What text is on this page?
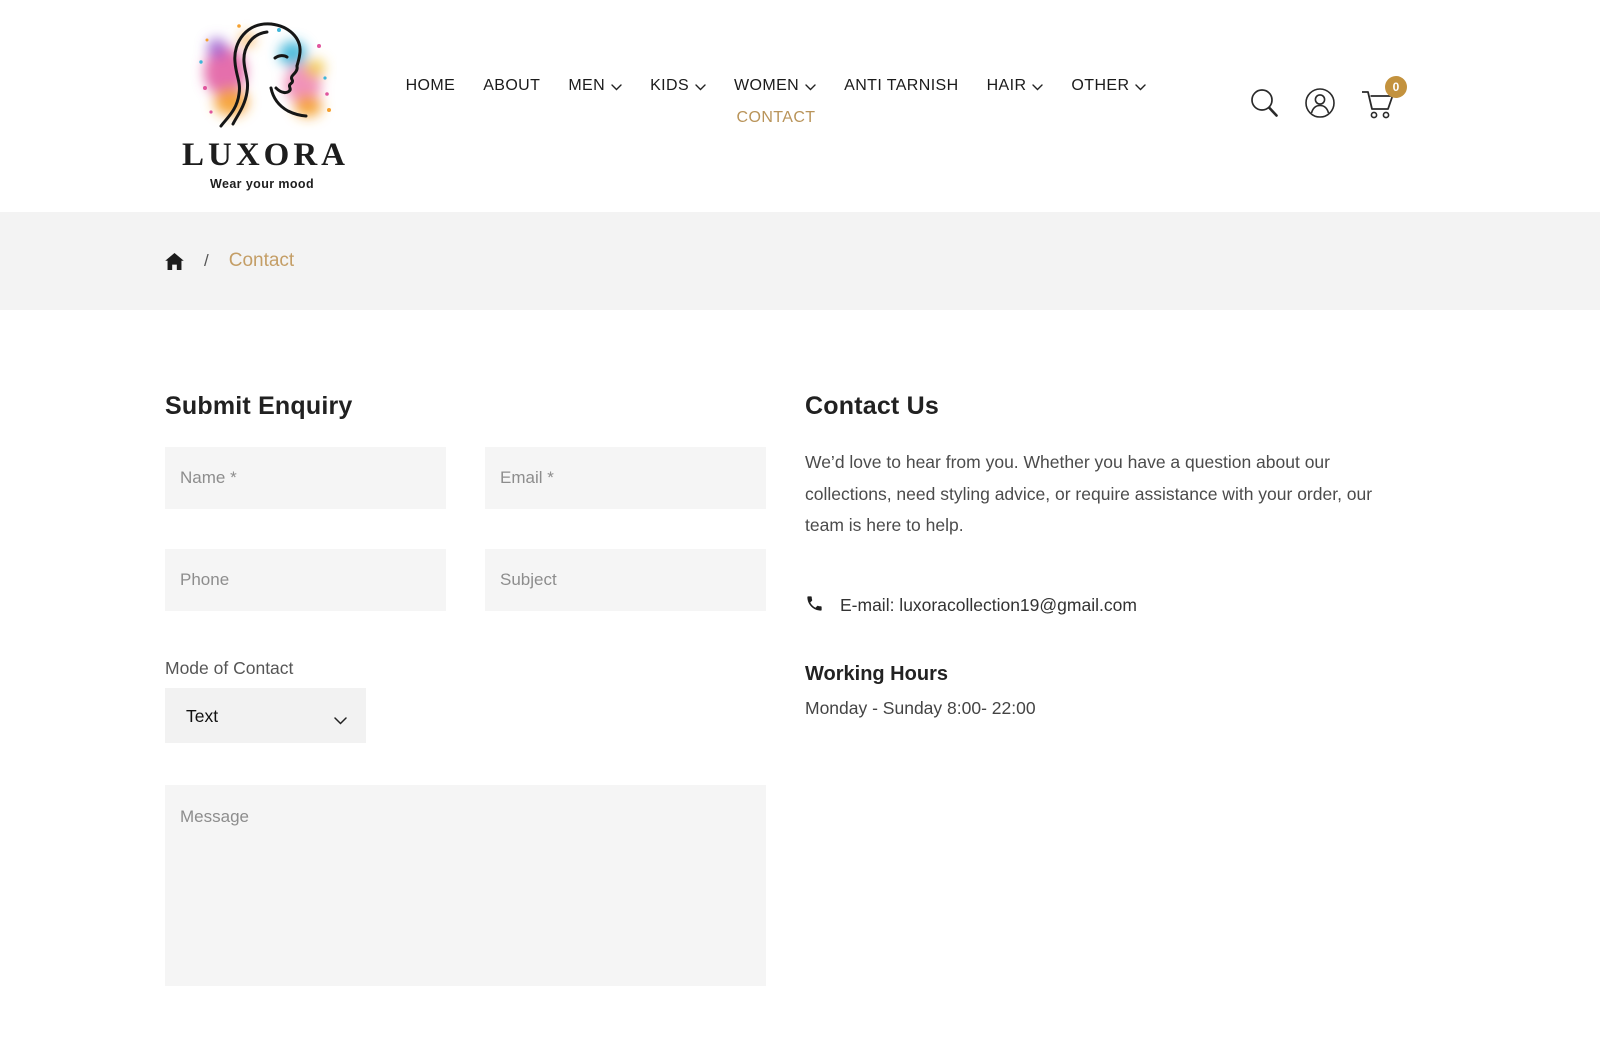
LUXORA
Wear your mood
HOME ABOUT MEN	KIDS	WOMEN	ANTI TARNISH HAIR	OTHER
CONTACT
0
/ Contact
Submit Enquiry
Name *
Email *
Phone
Subject
Mode of Contact
Text
Message
Contact Us
We’d love to hear from you. Whether you have a question about our collections, need styling advice, or require assistance with your order, our team is here to help.
E-mail: luxoracollection19@gmail.com
Working Hours
Monday - Sunday 8:00- 22:00
